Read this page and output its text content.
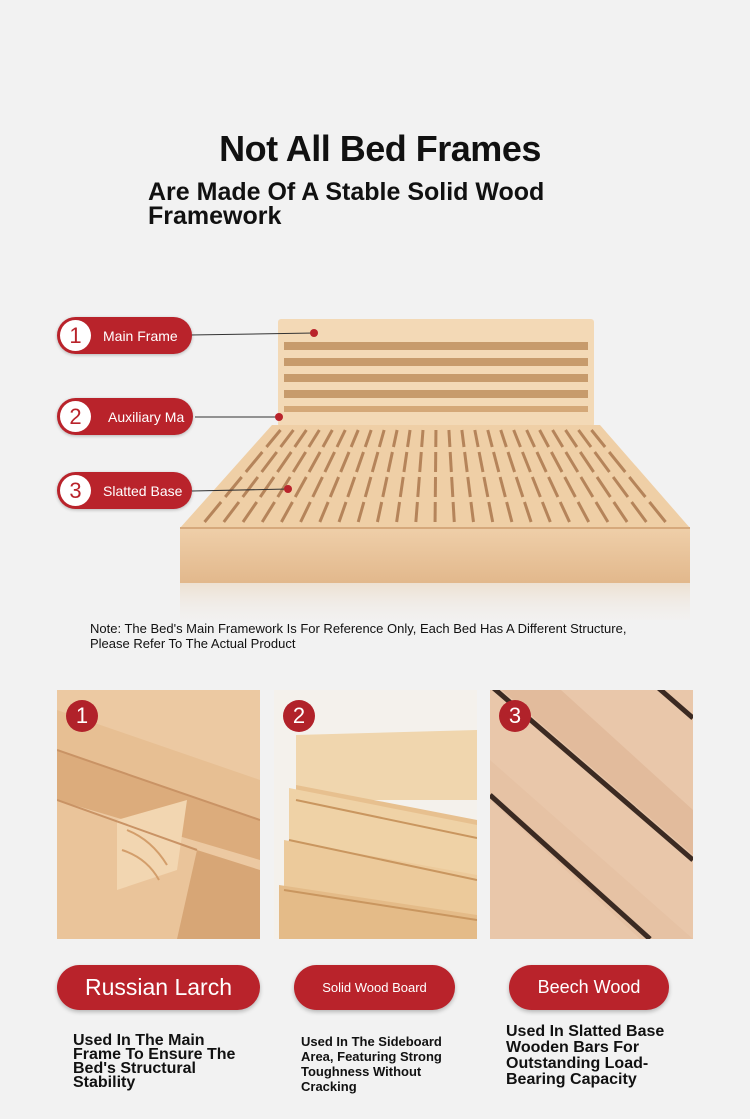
Not All Bed Frames
Are Made Of A Stable Solid Wood Framework
1	Main Frame
2	Auxiliary Ma
3	Slatted Base

Note: The Bed's Main Framework Is For Reference Only, Each Bed Has A Different Structure, Please Refer To The Actual Product

1	2	3
Russian Larch	Solid Wood Board	Beech Wood

Used In The Main Frame To Ensure The Bed's Structural Stability

Used In The Sideboard Area, Featuring Strong Toughness Without Cracking

Used In Slatted Base Wooden Bars For Outstanding Load-Bearing Capacity
